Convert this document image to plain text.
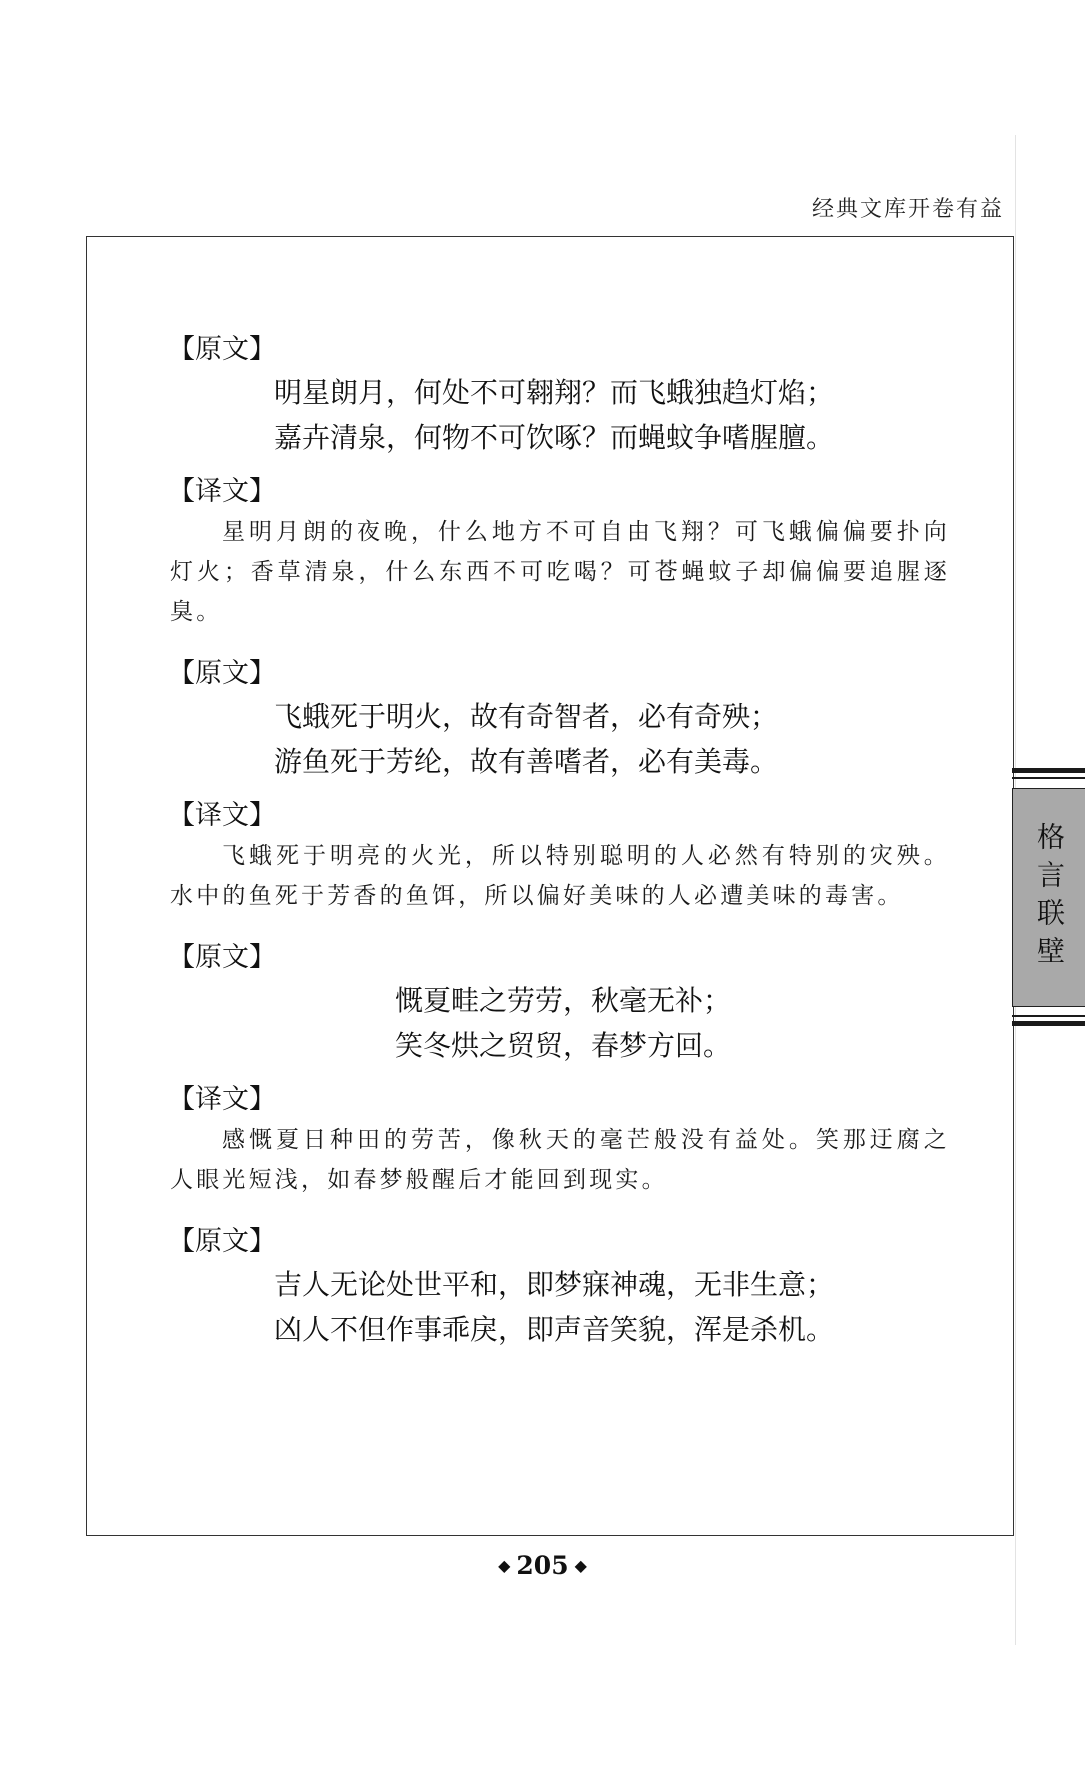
经典文库开卷有益
【原文】
明星朗月，何处不可翱翔？而飞蛾独趋灯焰；
嘉卉清泉，何物不可饮啄？而蝇蚊争嗜腥膻。
【译文】
星明月朗的夜晚，什么地方不可自由飞翔？可飞蛾偏偏要扑向灯火；香草清泉，什么东西不可吃喝？可苍蝇蚊子却偏偏要追腥逐臭。
【原文】
飞蛾死于明火，故有奇智者，必有奇殃；
游鱼死于芳纶，故有善嗜者，必有美毒。
【译文】
飞蛾死于明亮的火光，所以特别聪明的人必然有特别的灾殃。水中的鱼死于芳香的鱼饵，所以偏好美味的人必遭美味的毒害。
【原文】
慨夏畦之劳劳，秋毫无补；
笑冬烘之贸贸，春梦方回。
【译文】
感慨夏日种田的劳苦，像秋天的毫芒般没有益处。笑那迂腐之人眼光短浅，如春梦般醒后才能回到现实。
【原文】
吉人无论处世平和，即梦寐神魂，无非生意；
凶人不但作事乖戾，即声音笑貌，浑是杀机。
格言联壁
◆ 205 ◆
